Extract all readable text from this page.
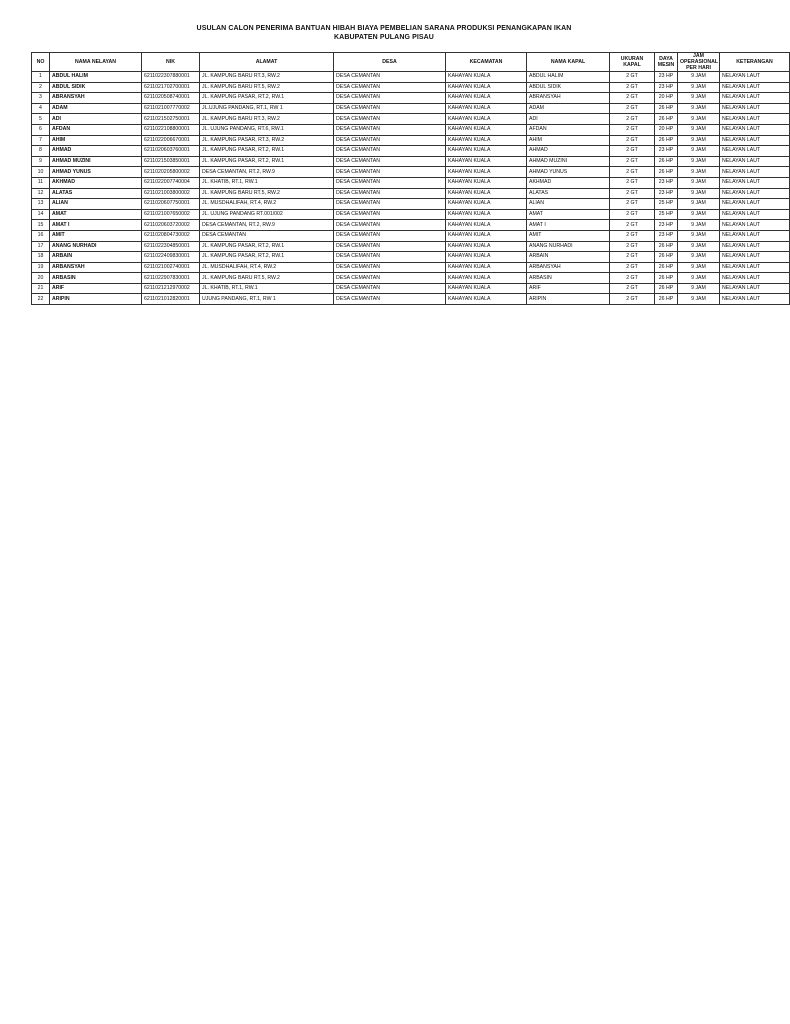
USULAN CALON PENERIMA BANTUAN HIBAH BIAYA PEMBELIAN SARANA PRODUKSI PENANGKAPAN IKAN
KABUPATEN PULANG PISAU
NO	NAMA NELAYAN	NIK	ALAMAT	DESA	KECAMATAN	NAMA KAPAL	UKURAN KAPAL	DAYA MESIN	JAM OPERASIONAL PER HARI	KETERANGAN
1	ABDUL HALIM	6211022307880001	JL. KAMPUNG BARU RT.3, RW.2	DESA CEMANTAN	KAHAYAN KUALA	ABDUL HALIM	2 GT	23 HP	9 JAM	NELAYAN LAUT
2	ABDUL SIDIK	6211021702700001	JL. KAMPUNG BARU RT.5, RW.2	DESA CEMANTAN	KAHAYAN KUALA	ABDUL SIDIK	2 GT	23 HP	9 JAM	NELAYAN LAUT
3	ABRANSYAH	6211020508740001	JL. KAMPUNG PASAR, RT.2, RW.1	DESA CEMANTAN	KAHAYAN KUALA	ABRANSYAH	2 GT	20 HP	9 JAM	NELAYAN LAUT
4	ADAM	6211021007770002	JL.UJUNG PANDANG, RT.1, RW 1	DESA CEMANTAN	KAHAYAN KUALA	ADAM	2 GT	26 HP	9 JAM	NELAYAN LAUT
5	ADI	6211021502750001	JL. KAMPUNG BARU RT.3, RW.2	DESA CEMANTAN	KAHAYAN KUALA	ADI	2 GT	26 HP	9 JAM	NELAYAN LAUT
6	AFDAN	6211022108800001	JL. UJUNG PANDANG, RT.6, RW.1	DESA CEMANTAN	KAHAYAN KUALA	AFDAN	2 GT	20 HP	9 JAM	NELAYAN LAUT
7	AHIM	6211022006670001	JL. KAMPUNG PASAR, RT.3, RW.2	DESA CEMANTAN	KAHAYAN KUALA	AHIM	2 GT	26 HP	9 JAM	NELAYAN LAUT
8	AHMAD	6211020603760001	JL. KAMPUNG PASAR, RT.2, RW.1	DESA CEMANTAN	KAHAYAN KUALA	AHMAD	2 GT	23 HP	9 JAM	NELAYAN LAUT
9	AHMAD MUZINI	6211021503850001	JL. KAMPUNG PASAR, RT.2, RW.1	DESA CEMANTAN	KAHAYAN KUALA	AHMAD MUZINI	2 GT	26 HP	9 JAM	NELAYAN LAUT
10	AHMAD YUNUS	6211020205800002	DESA CEMANTAN, RT.2, RW.9	DESA CEMANTAN	KAHAYAN KUALA	AHMAD YUNUS	2 GT	26 HP	9 JAM	NELAYAN LAUT
11	AKHMAD	6211022007740004	JL. KHATIB, RT.1, RW.1	DESA CEMANTAN	KAHAYAN KUALA	AKHMAD	2 GT	23 HP	9 JAM	NELAYAN LAUT
12	ALATAS	6211021003800002	JL. KAMPUNG BARU RT.5, RW.2	DESA CEMANTAN	KAHAYAN KUALA	ALATAS	2 GT	23 HP	9 JAM	NELAYAN LAUT
13	ALIAN	6211020607750001	JL. MUSDHALIFAH, RT.4, RW.2	DESA CEMANTAN	KAHAYAN KUALA	ALIAN	2 GT	25 HP	9 JAM	NELAYAN LAUT
14	AMAT	6211021007650002	JL. UJUNG PANDANG RT.001/002	DESA CEMANTAN	KAHAYAN KUALA	AMAT	2 GT	25 HP	9 JAM	NELAYAN LAUT
15	AMAT I	6211020603720002	DESA CEMANTAN, RT.2, RW.9	DESA CEMANTAN	KAHAYAN KUALA	AMAT I	2 GT	23 HP	9 JAM	NELAYAN LAUT
16	AMIT	6211020804730002	DESA CEMANTAN	DESA CEMANTAN	KAHAYAN KUALA	AMIT	2 GT	23 HP	9 JAM	NELAYAN LAUT
17	ANANG NURHADI	6211022304850001	JL. KAMPUNG PASAR, RT.2, RW.1	DESA CEMANTAN	KAHAYAN KUALA	ANANG NURHADI	2 GT	26 HP	9 JAM	NELAYAN LAUT
18	ARBAIN	6211022409830001	JL. KAMPUNG PASAR, RT.2, RW.1	DESA CEMANTAN	KAHAYAN KUALA	ARBAIN	2 GT	26 HP	9 JAM	NELAYAN LAUT
19	ARBANSYAH	6211021002740001	JL. MUSDHALIFAH, RT.4, RW.2	DESA CEMANTAN	KAHAYAN KUALA	ARBANSYAH	2 GT	26 HP	9 JAM	NELAYAN LAUT
20	ARBASIN	6211022907830001	JL. KAMPUNG BARU RT.5, RW.2	DESA CEMANTAN	KAHAYAN KUALA	ARBASIN	2 GT	26 HP	9 JAM	NELAYAN LAUT
21	ARIF	6211021212970002	JL. KHATIB, RT.1, RW.1	DESA CEMANTAN	KAHAYAN KUALA	ARIF	2 GT	26 HP	9 JAM	NELAYAN LAUT
22	ARIPIN	6211021012820001	UJUNG PANDANG, RT.1, RW 1	DESA CEMANTAN	KAHAYAN KUALA	ARIPIN	2 GT	26 HP	9 JAM	NELAYAN LAUT
